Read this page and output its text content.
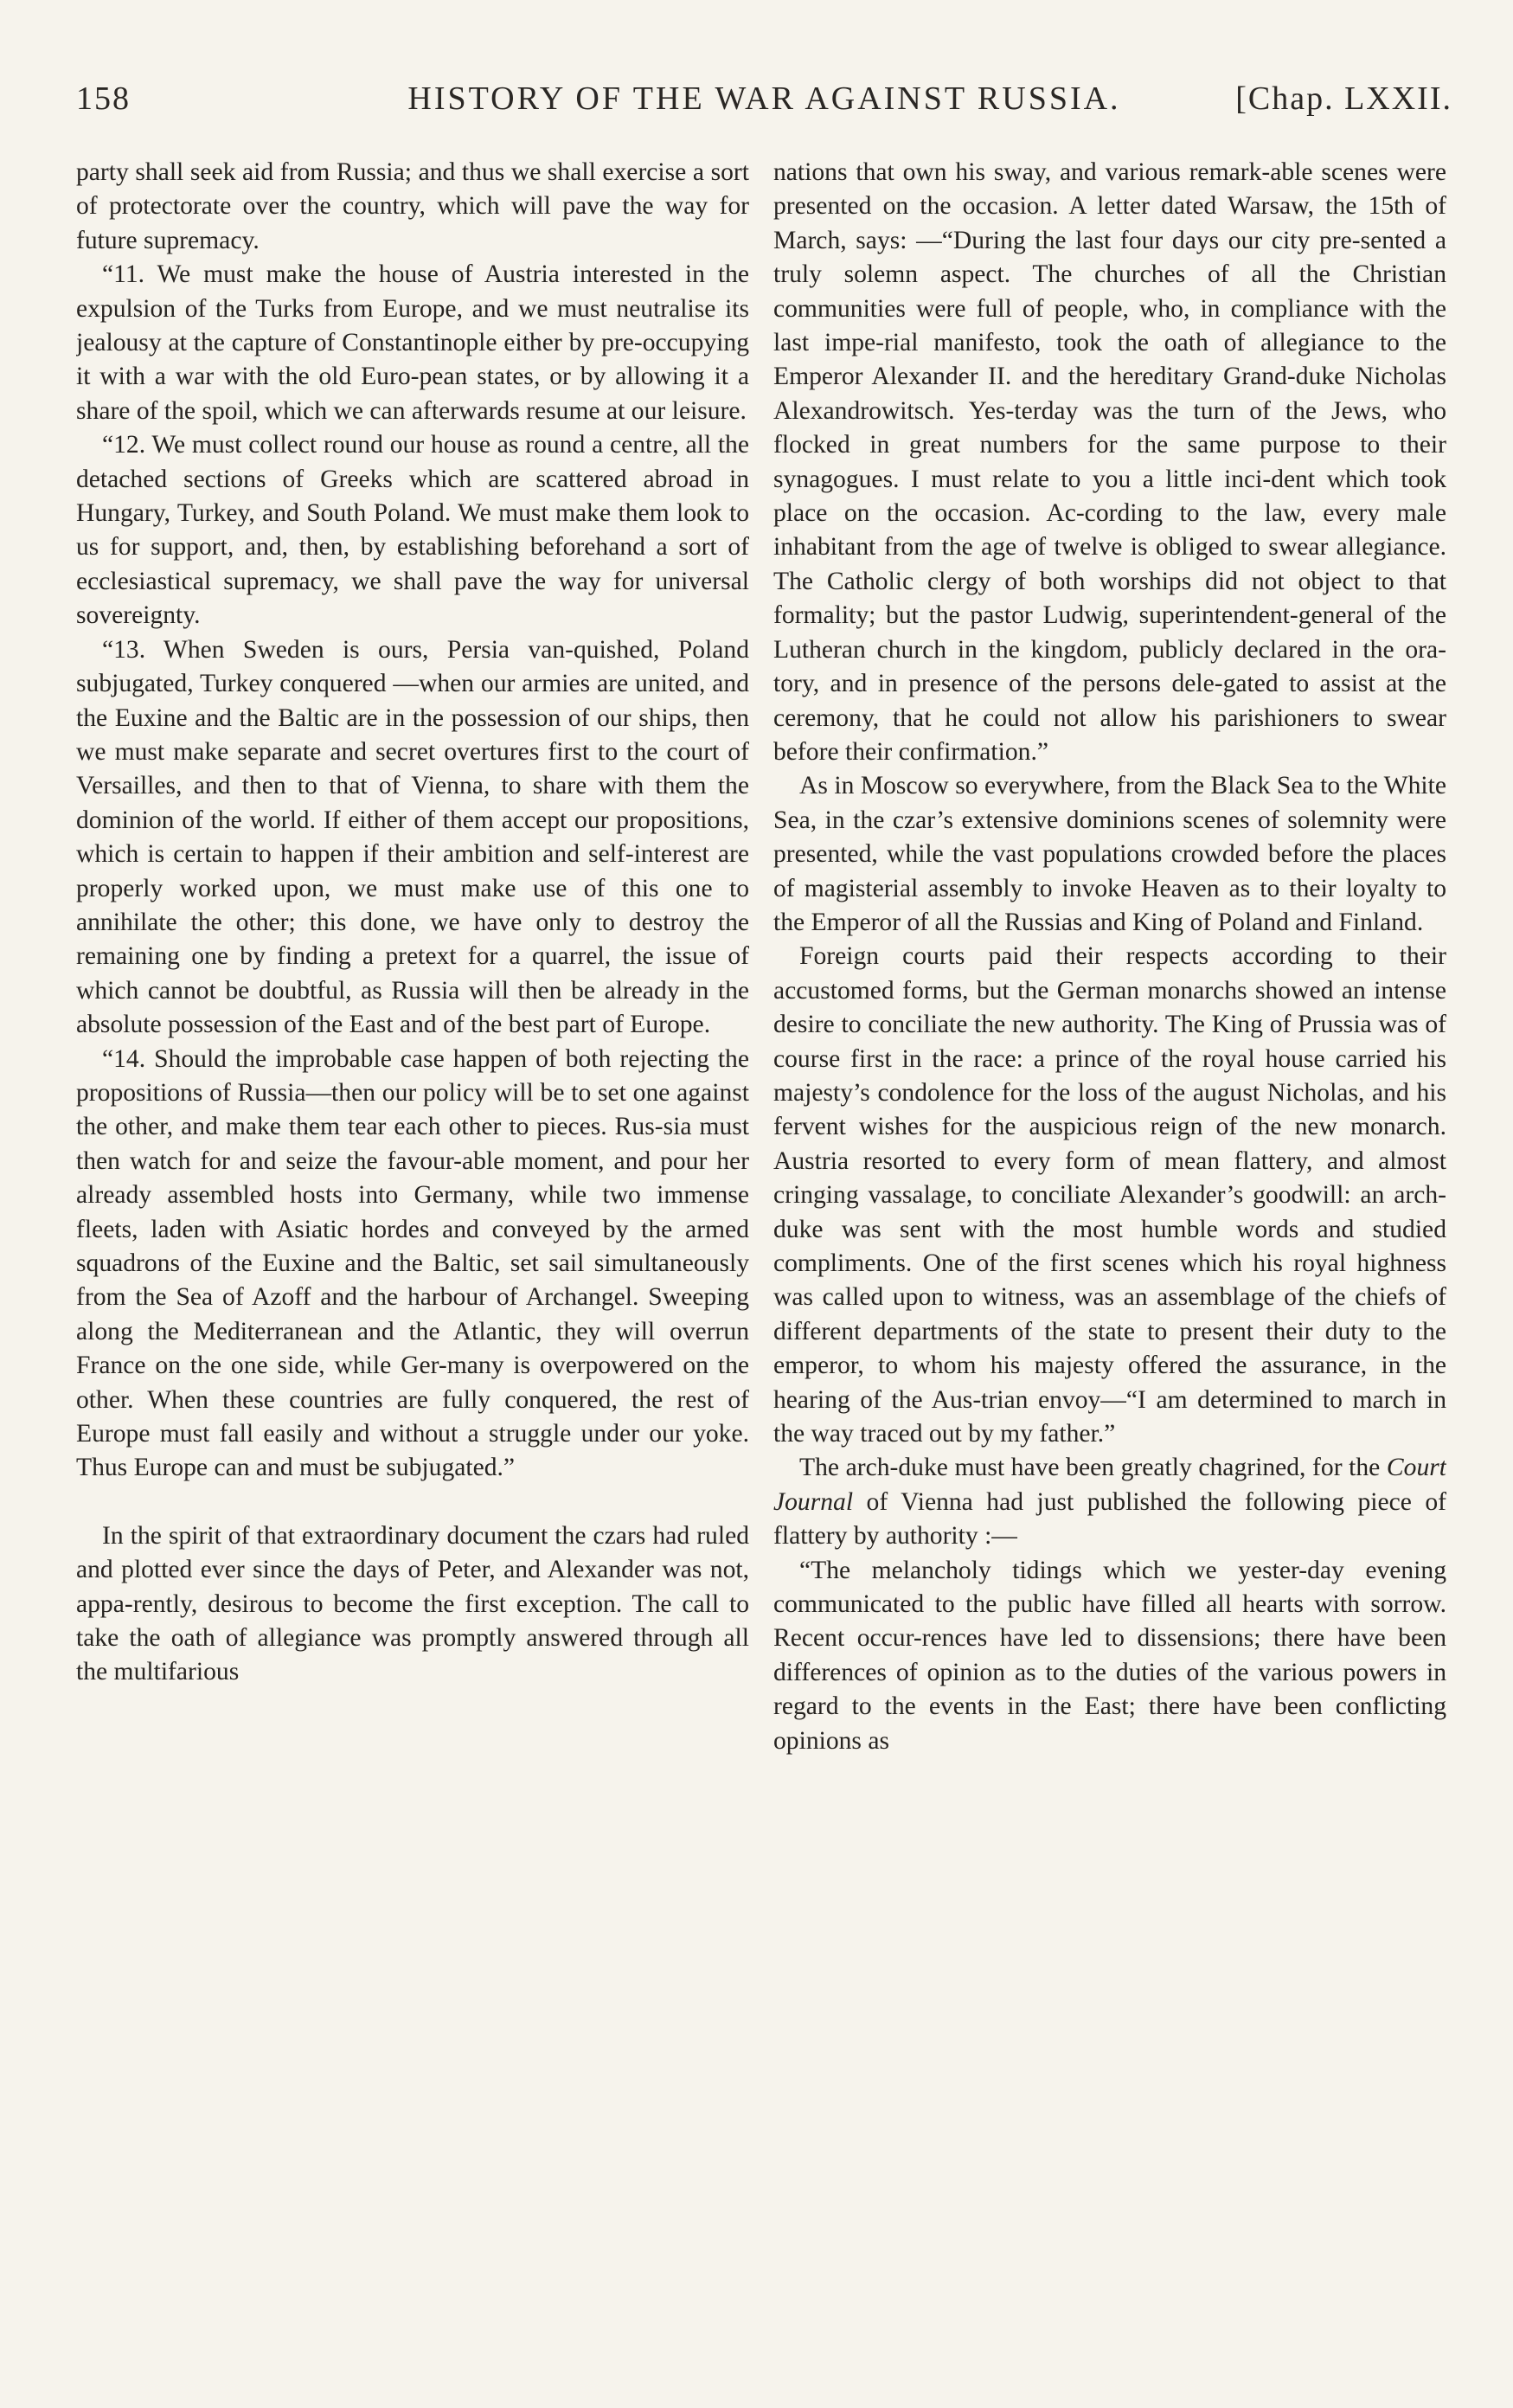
158	HISTORY OF THE WAR AGAINST RUSSIA.	[Chap. LXXII.

party shall seek aid from Russia; and thus we shall exercise a sort of protectorate over the country, which will pave the way for future supremacy.

“11. We must make the house of Austria interested in the expulsion of the Turks from Europe, and we must neutralise its jealousy at the capture of Constantinople either by pre-occupying it with a war with the old Euro-pean states, or by allowing it a share of the spoil, which we can afterwards resume at our leisure.

“12. We must collect round our house as round a centre, all the detached sections of Greeks which are scattered abroad in Hungary, Turkey, and South Poland. We must make them look to us for support, and, then, by establishing beforehand a sort of ecclesiastical supremacy, we shall pave the way for universal sovereignty.

“13. When Sweden is ours, Persia van-quished, Poland subjugated, Turkey conquered —when our armies are united, and the Euxine and the Baltic are in the possession of our ships, then we must make separate and secret overtures first to the court of Versailles, and then to that of Vienna, to share with them the dominion of the world. If either of them accept our propositions, which is certain to happen if their ambition and self-interest are properly worked upon, we must make use of this one to annihilate the other; this done, we have only to destroy the remaining one by finding a pretext for a quarrel, the issue of which cannot be doubtful, as Russia will then be already in the absolute possession of the East and of the best part of Europe.

“14. Should the improbable case happen of both rejecting the propositions of Russia—then our policy will be to set one against the other, and make them tear each other to pieces. Rus-sia must then watch for and seize the favour-able moment, and pour her already assembled hosts into Germany, while two immense fleets, laden with Asiatic hordes and conveyed by the armed squadrons of the Euxine and the Baltic, set sail simultaneously from the Sea of Azoff and the harbour of Archangel. Sweeping along the Mediterranean and the Atlantic, they will overrun France on the one side, while Ger-many is overpowered on the other. When these countries are fully conquered, the rest of Europe must fall easily and without a struggle under our yoke. Thus Europe can and must be subjugated.”

In the spirit of that extraordinary document the czars had ruled and plotted ever since the days of Peter, and Alexander was not, appa-rently, desirous to become the first exception. The call to take the oath of allegiance was promptly answered through all the multifarious

nations that own his sway, and various remark-able scenes were presented on the occasion. A letter dated Warsaw, the 15th of March, says: —“During the last four days our city pre-sented a truly solemn aspect. The churches of all the Christian communities were full of people, who, in compliance with the last impe-rial manifesto, took the oath of allegiance to the Emperor Alexander II. and the hereditary Grand-duke Nicholas Alexandrowitsch. Yes-terday was the turn of the Jews, who flocked in great numbers for the same purpose to their synagogues. I must relate to you a little inci-dent which took place on the occasion. Ac-cording to the law, every male inhabitant from the age of twelve is obliged to swear allegiance. The Catholic clergy of both worships did not object to that formality; but the pastor Ludwig, superintendent-general of the Lutheran church in the kingdom, publicly declared in the ora-tory, and in presence of the persons dele-gated to assist at the ceremony, that he could not allow his parishioners to swear before their confirmation.”

As in Moscow so everywhere, from the Black Sea to the White Sea, in the czar’s extensive dominions scenes of solemnity were presented, while the vast populations crowded before the places of magisterial assembly to invoke Heaven as to their loyalty to the Emperor of all the Russias and King of Poland and Finland.

Foreign courts paid their respects according to their accustomed forms, but the German monarchs showed an intense desire to conciliate the new authority. The King of Prussia was of course first in the race: a prince of the royal house carried his majesty’s condolence for the loss of the august Nicholas, and his fervent wishes for the auspicious reign of the new monarch. Austria resorted to every form of mean flattery, and almost cringing vassalage, to conciliate Alexander’s goodwill: an arch-duke was sent with the most humble words and studied compliments. One of the first scenes which his royal highness was called upon to witness, was an assemblage of the chiefs of different departments of the state to present their duty to the emperor, to whom his majesty offered the assurance, in the hearing of the Aus-trian envoy—“I am determined to march in the way traced out by my father.”

The arch-duke must have been greatly chagrined, for the Court Journal of Vienna had just published the following piece of flattery by authority :—

“The melancholy tidings which we yester-day evening communicated to the public have filled all hearts with sorrow. Recent occur-rences have led to dissensions; there have been differences of opinion as to the duties of the various powers in regard to the events in the East; there have been conflicting opinions as
